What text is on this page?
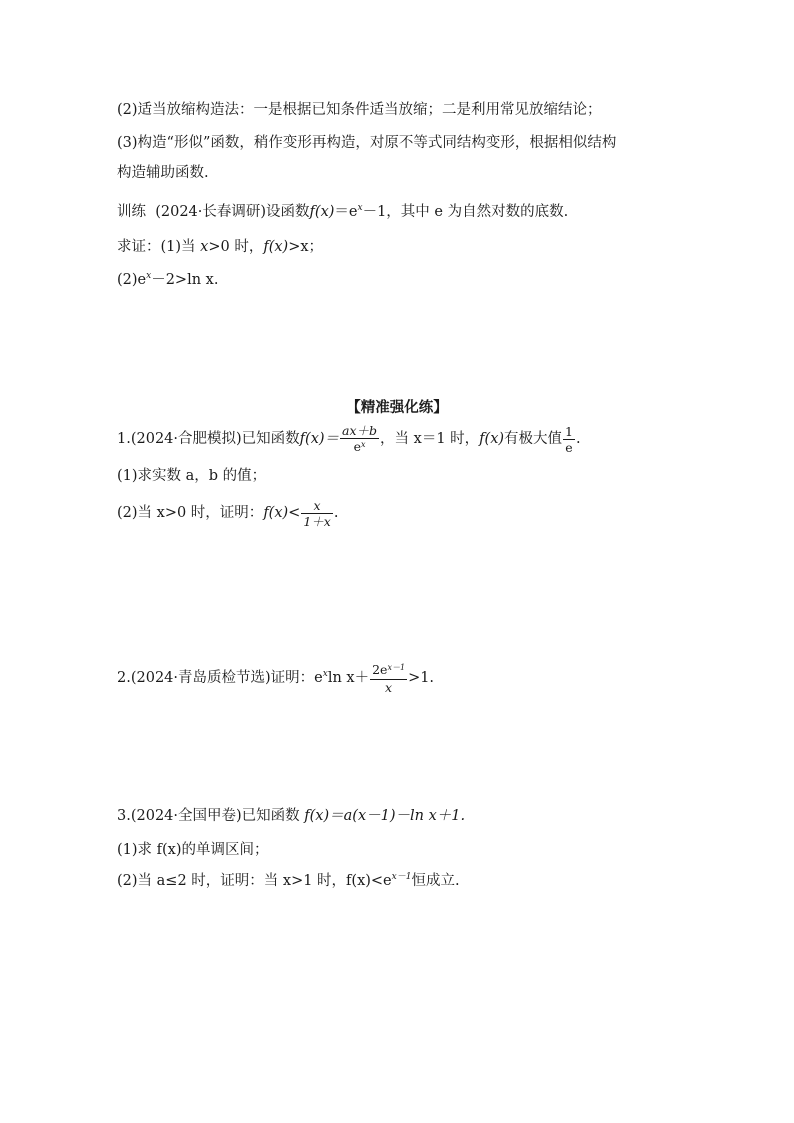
(2)适当放缩构造法：一是根据已知条件适当放缩；二是利用常见放缩结论；
(3)构造“形似”函数，稍作变形再构造，对原不等式同结构变形，根据相似结构
构造辅助函数.
训练 (2024·长春调研)设函数$f(x)=e^x-1$，其中 e 为自然对数的底数.
求证：(1)当 x>0 时，f(x)>x；
$(2)e^x-2>\ln$ x.
【精准强化练】
1.(2024·合肥模拟)已知函数$f(x)= \frac{ax+b}{e^x}$ ，当 x＝1 时，f(x)有极大值 $\frac{1}{e}$ .
(1)求实数 a，b 的值；
(2)当 x>0 时，证明：$f(x)< \frac{x}{1+x}$ .
2.(2024·青岛质检节选)证明：$e^x\ln$ $x+ \frac{2e^{x-1}}{x} >1$.
3.(2024·全国甲卷)已知函数 f(x)＝a(x－1)－ln x＋1.
(1)求 f(x)的单调区间；
(2)当 a≤2 时，证明：当 x>1 时，$f(x)<e^{x-1}$恒成立.
